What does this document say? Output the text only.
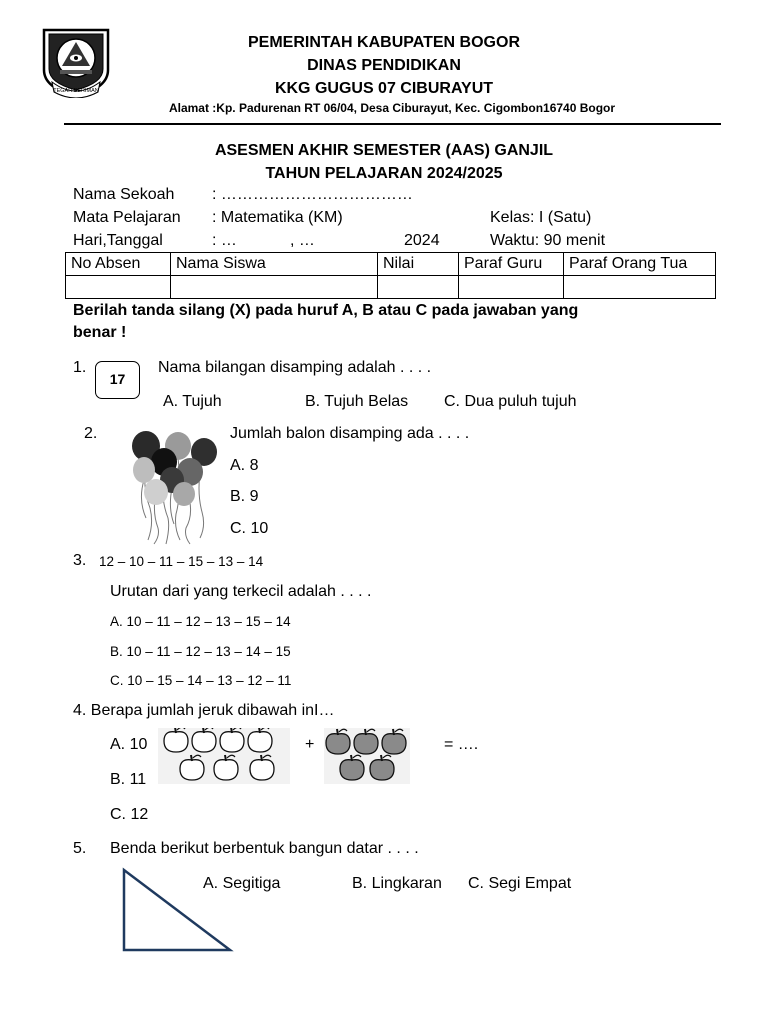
TEGAR BERIMAN
PEMERINTAH KABUPATEN BOGOR
DINAS PENDIDIKAN
KKG GUGUS 07 CIBURAYUT
Alamat :Kp. Padurenan RT 06/04, Desa Ciburayut, Kec. Cigombon16740 Bogor
ASESMEN AKHIR SEMESTER (AAS) GANJIL
TAHUN PELAJARAN 2024/2025
Nama Sekoah : ………………………………
Mata Pelajaran : Matematika (KM)	Kelas: I (Satu)
Hari,Tanggal	: …	, …	2024	Waktu: 90 menit
No Absen	Nama Siswa	Nilai	Paraf Guru	Paraf Orang Tua

Berilah tanda silang (X) pada huruf A, B atau C pada jawaban yang
benar !
1.
17
Nama bilangan disamping adalah . . . .
A. Tujuh	B. Tujuh Belas C. Dua puluh tujuh
2.	Jumlah balon disamping ada . . . .
A. 8
B. 9
C. 10
3. 12 – 10 – 11 – 15 – 13 – 14
Urutan dari yang terkecil adalah . . . .
A. 10 – 11 – 12 – 13 – 15 – 14
B. 10 – 11 – 12 – 13 – 14 – 15
C. 10 – 15 – 14 – 13 – 12 – 11
4. Berapa jumlah jeruk dibawah inI…
A. 10
B. 11
C. 12
+	= ….
5. Benda berikut berbentuk bangun datar . . . .
A. Segitiga	B. Lingkaran C. Segi Empat
